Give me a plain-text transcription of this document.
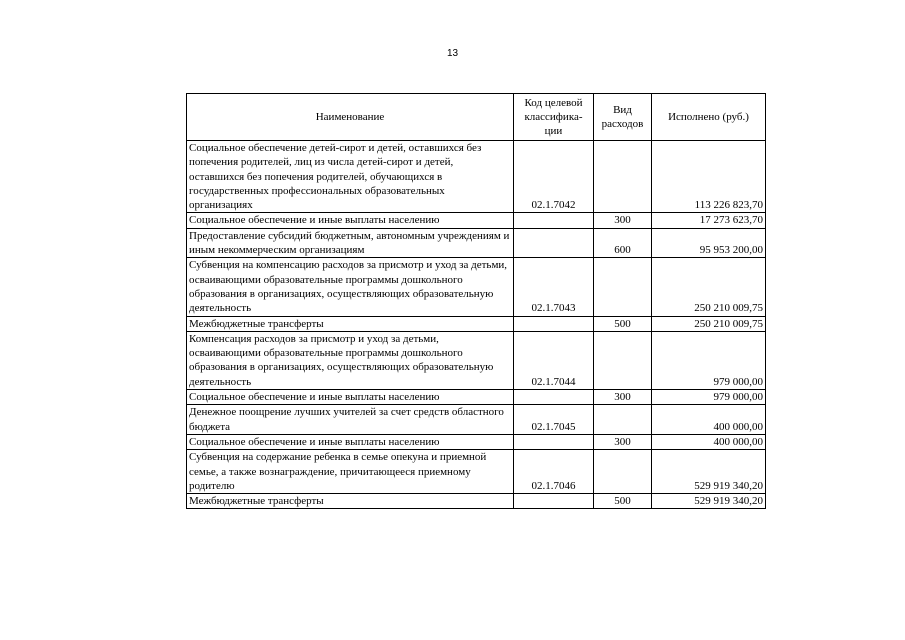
13
Наименование	Код целевой классифика-ции	Вид расходов	Исполнено (руб.)
Социальное обеспечение детей-сирот и детей, оставшихся без попечения родителей, лиц из числа детей-сирот и детей, оставшихся без попечения родителей, обучающихся в государственных профессиональных образовательных организациях	02.1.7042		113 226 823,70
Социальное обеспечение и иные выплаты населению		300	17 273 623,70
Предоставление субсидий бюджетным, автономным учреждениям и иным некоммерческим организациям		600	95 953 200,00
Субвенция на компенсацию расходов за присмотр и уход за детьми, осваивающими образовательные программы дошкольного образования в организациях, осуществляющих образовательную деятельность	02.1.7043		250 210 009,75
Межбюджетные трансферты		500	250 210 009,75
Компенсация расходов за присмотр и уход за детьми, осваивающими образовательные программы дошкольного образования в организациях, осуществляющих образовательную деятельность	02.1.7044		979 000,00
Социальное обеспечение и иные выплаты населению		300	979 000,00
Денежное поощрение лучших учителей за счет средств областного бюджета	02.1.7045		400 000,00
Социальное обеспечение и иные выплаты населению		300	400 000,00
Субвенция на содержание ребенка в семье опекуна и приемной семье, а также вознаграждение, причитающееся приемному родителю	02.1.7046		529 919 340,20
Межбюджетные трансферты		500	529 919 340,20
